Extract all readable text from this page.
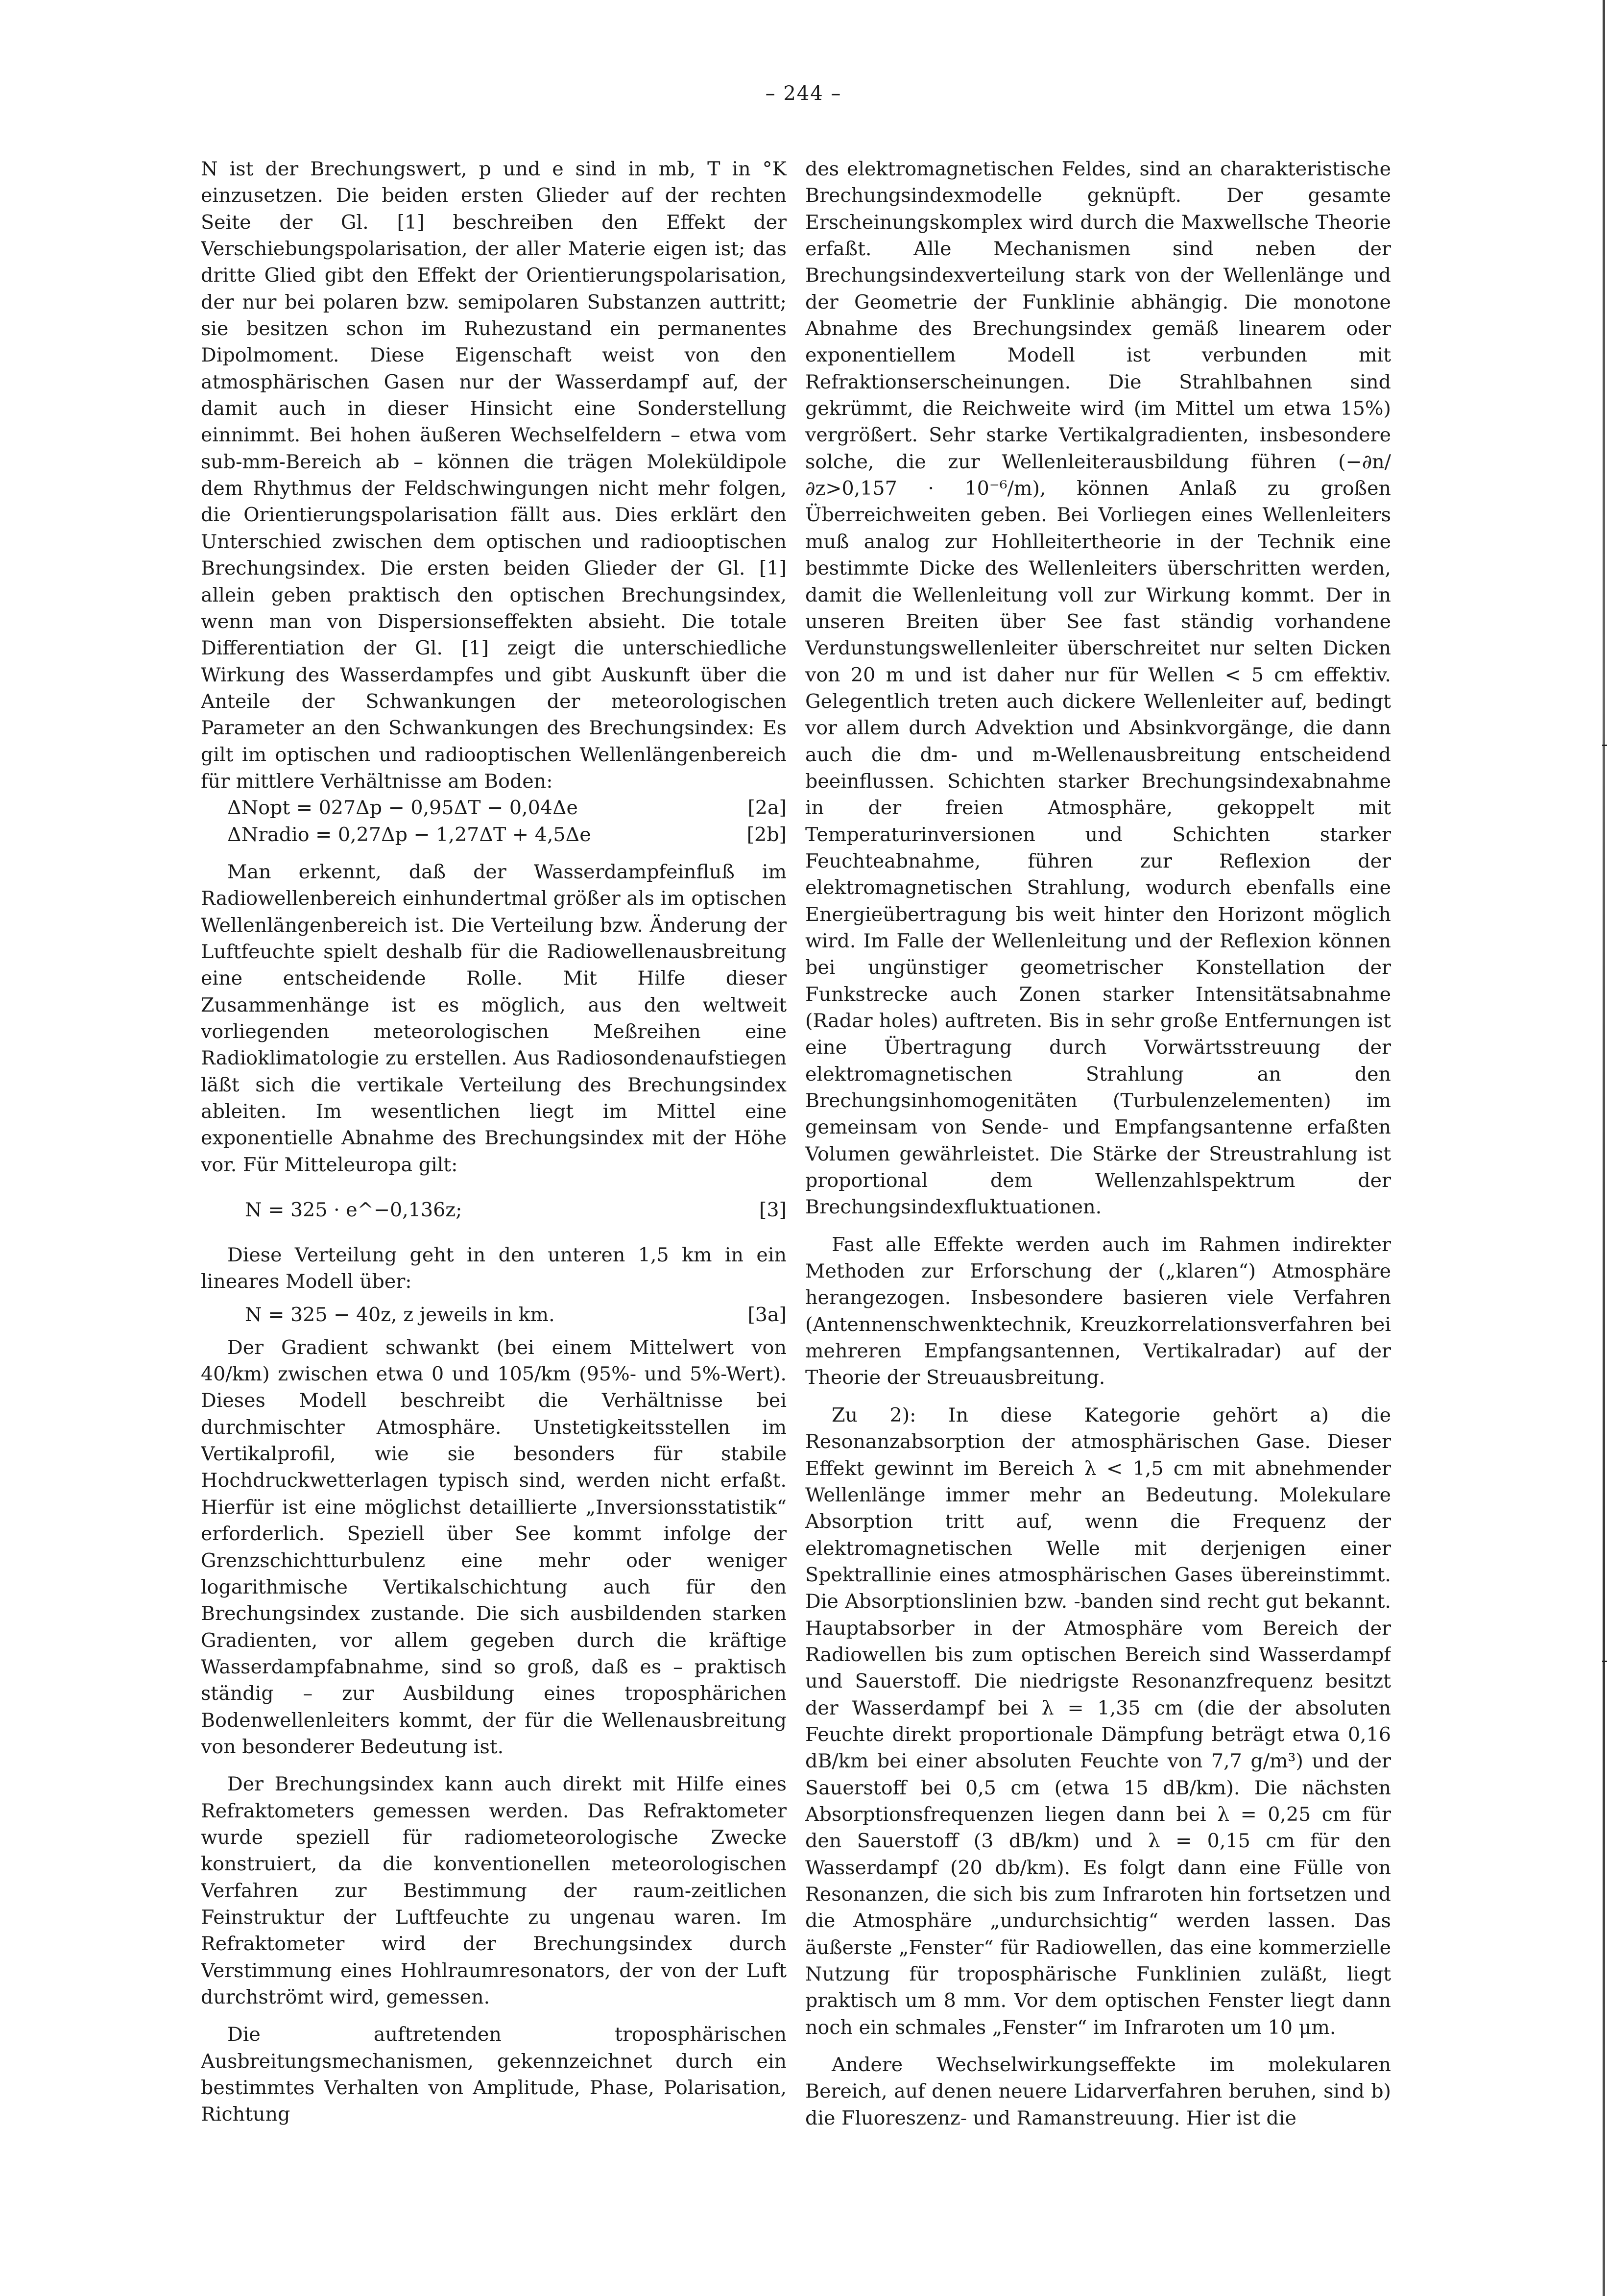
– 244 –

N ist der Brechungswert, p und e sind in mb, T in °K einzusetzen. Die beiden ersten Glieder auf der rechten Seite der Gl. [1] beschreiben den Effekt der Verschiebungspolarisation, der aller Materie eigen ist; das dritte Glied gibt den Effekt der Orientierungspolarisation, der nur bei polaren bzw. semipolaren Substanzen auttritt; sie besitzen schon im Ruhezustand ein permanentes Dipolmoment. Diese Eigenschaft weist von den atmosphärischen Gasen nur der Wasserdampf auf, der damit auch in dieser Hinsicht eine Sonderstellung einnimmt. Bei hohen äußeren Wechselfeldern – etwa vom sub-mm-Bereich ab – können die trägen Moleküldipole dem Rhythmus der Feldschwingungen nicht mehr folgen, die Orientierungspolarisation fällt aus. Dies erklärt den Unterschied zwischen dem optischen und radiooptischen Brechungsindex. Die ersten beiden Glieder der Gl. [1] allein geben praktisch den optischen Brechungsindex, wenn man von Dispersionseffekten absieht. Die totale Differentiation der Gl. [1] zeigt die unterschiedliche Wirkung des Wasserdampfes und gibt Auskunft über die Anteile der Schwankungen der meteorologischen Parameter an den Schwankungen des Brechungsindex: Es gilt im optischen und radiooptischen Wellenlängenbereich für mittlere Verhältnisse am Boden:

ΔNopt = 027Δp − 0,95ΔT − 0,04Δe	[2a]
ΔNradio = 0,27Δp − 1,27ΔT + 4,5Δe	[2b]

Man erkennt, daß der Wasserdampfeinfluß im Radiowellenbereich einhundertmal größer als im optischen Wellenlängenbereich ist. Die Verteilung bzw. Änderung der Luftfeuchte spielt deshalb für die Radiowellenausbreitung eine entscheidende Rolle. Mit Hilfe dieser Zusammenhänge ist es möglich, aus den weltweit vorliegenden meteorologischen Meßreihen eine Radioklimatologie zu erstellen. Aus Radiosondenaufstiegen läßt sich die vertikale Verteilung des Brechungsindex ableiten. Im wesentlichen liegt im Mittel eine exponentielle Abnahme des Brechungsindex mit der Höhe vor. Für Mitteleuropa gilt:

N = 325 · e^−0,136z;	[3]

Diese Verteilung geht in den unteren 1,5 km in ein lineares Modell über:

N = 325 − 40z, z jeweils in km.	[3a]

Der Gradient schwankt (bei einem Mittelwert von 40/km) zwischen etwa 0 und 105/km (95%- und 5%-Wert). Dieses Modell beschreibt die Verhältnisse bei durchmischter Atmosphäre. Unstetigkeitsstellen im Vertikalprofil, wie sie besonders für stabile Hochdruckwetterlagen typisch sind, werden nicht erfaßt. Hierfür ist eine möglichst detaillierte „Inversionsstatistik“ erforderlich. Speziell über See kommt infolge der Grenzschichtturbulenz eine mehr oder weniger logarithmische Vertikalschichtung auch für den Brechungsindex zustande. Die sich ausbildenden starken Gradienten, vor allem gegeben durch die kräftige Wasserdampfabnahme, sind so groß, daß es – praktisch ständig – zur Ausbildung eines troposphärichen Bodenwellenleiters kommt, der für die Wellenausbreitung von besonderer Bedeutung ist.

Der Brechungsindex kann auch direkt mit Hilfe eines Refraktometers gemessen werden. Das Refraktometer wurde speziell für radiometeorologische Zwecke konstruiert, da die konventionellen meteorologischen Verfahren zur Bestimmung der raum-zeitlichen Feinstruktur der Luftfeuchte zu ungenau waren. Im Refraktometer wird der Brechungsindex durch Verstimmung eines Hohlraumresonators, der von der Luft durchströmt wird, gemessen.

Die auftretenden troposphärischen Ausbreitungsmechanismen, gekennzeichnet durch ein bestimmtes Verhalten von Amplitude, Phase, Polarisation, Richtung

des elektromagnetischen Feldes, sind an charakteristische Brechungsindexmodelle geknüpft. Der gesamte Erscheinungskomplex wird durch die Maxwellsche Theorie erfaßt. Alle Mechanismen sind neben der Brechungsindexverteilung stark von der Wellenlänge und der Geometrie der Funklinie abhängig. Die monotone Abnahme des Brechungsindex gemäß linearem oder exponentiellem Modell ist verbunden mit Refraktionserscheinungen. Die Strahlbahnen sind gekrümmt, die Reichweite wird (im Mittel um etwa 15%) vergrößert. Sehr starke Vertikalgradienten, insbesondere solche, die zur Wellenleiterausbildung führen (−∂n/∂z>0,157 · 10⁻⁶/m), können Anlaß zu großen Überreichweiten geben. Bei Vorliegen eines Wellenleiters muß analog zur Hohlleitertheorie in der Technik eine bestimmte Dicke des Wellenleiters überschritten werden, damit die Wellenleitung voll zur Wirkung kommt. Der in unseren Breiten über See fast ständig vorhandene Verdunstungswellenleiter überschreitet nur selten Dicken von 20 m und ist daher nur für Wellen < 5 cm effektiv. Gelegentlich treten auch dickere Wellenleiter auf, bedingt vor allem durch Advektion und Absinkvorgänge, die dann auch die dm- und m-Wellenausbreitung entscheidend beeinflussen. Schichten starker Brechungsindexabnahme in der freien Atmosphäre, gekoppelt mit Temperaturinversionen und Schichten starker Feuchteabnahme, führen zur Reflexion der elektromagnetischen Strahlung, wodurch ebenfalls eine Energieübertragung bis weit hinter den Horizont möglich wird. Im Falle der Wellenleitung und der Reflexion können bei ungünstiger geometrischer Konstellation der Funkstrecke auch Zonen starker Intensitätsabnahme (Radar holes) auftreten. Bis in sehr große Entfernungen ist eine Übertragung durch Vorwärtsstreuung der elektromagnetischen Strahlung an den Brechungsinhomogenitäten (Turbulenzelementen) im gemeinsam von Sende- und Empfangsantenne erfaßten Volumen gewährleistet. Die Stärke der Streustrahlung ist proportional dem Wellenzahlspektrum der Brechungsindexfluktuationen.

Fast alle Effekte werden auch im Rahmen indirekter Methoden zur Erforschung der („klaren“) Atmosphäre herangezogen. Insbesondere basieren viele Verfahren (Antennenschwenktechnik, Kreuzkorrelationsverfahren bei mehreren Empfangsantennen, Vertikalradar) auf der Theorie der Streuausbreitung.

Zu 2): In diese Kategorie gehört a) die Resonanzabsorption der atmosphärischen Gase. Dieser Effekt gewinnt im Bereich λ < 1,5 cm mit abnehmender Wellenlänge immer mehr an Bedeutung. Molekulare Absorption tritt auf, wenn die Frequenz der elektromagnetischen Welle mit derjenigen einer Spektrallinie eines atmosphärischen Gases übereinstimmt. Die Absorptionslinien bzw. -banden sind recht gut bekannt. Hauptabsorber in der Atmosphäre vom Bereich der Radiowellen bis zum optischen Bereich sind Wasserdampf und Sauerstoff. Die niedrigste Resonanzfrequenz besitzt der Wasserdampf bei λ = 1,35 cm (die der absoluten Feuchte direkt proportionale Dämpfung beträgt etwa 0,16 dB/km bei einer absoluten Feuchte von 7,7 g/m³) und der Sauerstoff bei 0,5 cm (etwa 15 dB/km). Die nächsten Absorptionsfrequenzen liegen dann bei λ = 0,25 cm für den Sauerstoff (3 dB/km) und λ = 0,15 cm für den Wasserdampf (20 db/km). Es folgt dann eine Fülle von Resonanzen, die sich bis zum Infraroten hin fortsetzen und die Atmosphäre „undurchsichtig“ werden lassen. Das äußerste „Fenster“ für Radiowellen, das eine kommerzielle Nutzung für troposphärische Funklinien zuläßt, liegt praktisch um 8 mm. Vor dem optischen Fenster liegt dann noch ein schmales „Fenster“ im Infraroten um 10 μm.

Andere Wechselwirkungseffekte im molekularen Bereich, auf denen neuere Lidarverfahren beruhen, sind b) die Fluoreszenz- und Ramanstreuung. Hier ist die
